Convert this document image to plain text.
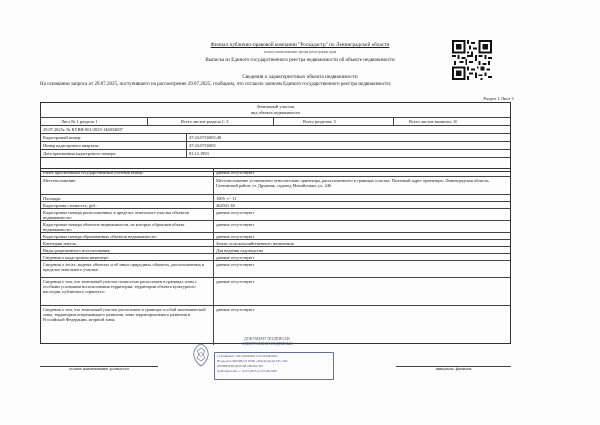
Филиал публично-правовой компании "Роскадастр" по Ленинградской области
полное наименование органа регистрации прав
Выписка из Единого государственного реестра недвижимости об объекте недвижимости
Сведения о характеристиках объекта недвижимости
На основании запроса от 29.07.2025, поступившего на рассмотрение 29.07.2025, сообщаем, что согласно записям Единого государственного реестра недвижимости:
Раздел 1 Лист 1
Земельный участок
вид объекта недвижимости
Лист № 1 раздела 1	Всего листов раздела 1: 3	Всего разделов: 5	Всего листов выписки: 10
29.07.2025г. № КУВИ-001/2025-146034007
Кадастровый номер:	47:23:0716003:48
Номер кадастрового квартала:	47:23:0716003
Дата присвоения кадастрового номера:	03.12.1993
Ранее присвоенный государственный учетный номер:	данные отсутствуют
Местоположение:	Местоположение установлено относительно ориентира, расположенного в границах участка. Почтовый адрес ориентира: Ленинградская область, Гатчинский район, ст. Дружная, садовод Михайловка, уч. 246
Площадь:	1005 +/- 11
Кадастровая стоимость, руб.:	462941.38
Кадастровые номера расположенных в пределах земельного участка объектов недвижимости:
данные отсутствуют
Кадастровые номера объектов недвижимости, из которых образован объект недвижимости:
данные отсутствуют
Кадастровые номера образованных объектов недвижимости:	данные отсутствуют
Категория земель:	Земли сельскохозяйственного назначения
Виды разрешенного использования:	Для ведения садоводства
Сведения о кадастровом инженере:	данные отсутствуют
Сведения о лесах, водных объектах и об иных природных объектах, расположенных в пределах земельного участка:
данные отсутствуют
Сведения о том, что земельный участок полностью расположен в границах зоны с особыми условиями использования территории, территории объекта культурного наследия, публичного сервитута:
данные отсутствуют
Сведения о том, что земельный участок расположен в границах особой экономической зоны, территории опережающего развития, зоны территориального развития в Российской Федерации, игорной зоны:
данные отсутствуют
ДОКУМЕНТ ПОДПИСАН
ЭЛЕКТРОННОЙ ПОДПИСЬЮ
Сертификат: 00c5e6b29f0a1c3e7d4b8a2f61
Владелец: ФИЛИАЛ ППК «РОСКАДАСТР» ПО
ЛЕНИНГРАДСКОЙ ОБЛАСТИ
Действителен: с 12.03.2025 по 05.06.2026
полное наименование должности	инициалы, фамилия
